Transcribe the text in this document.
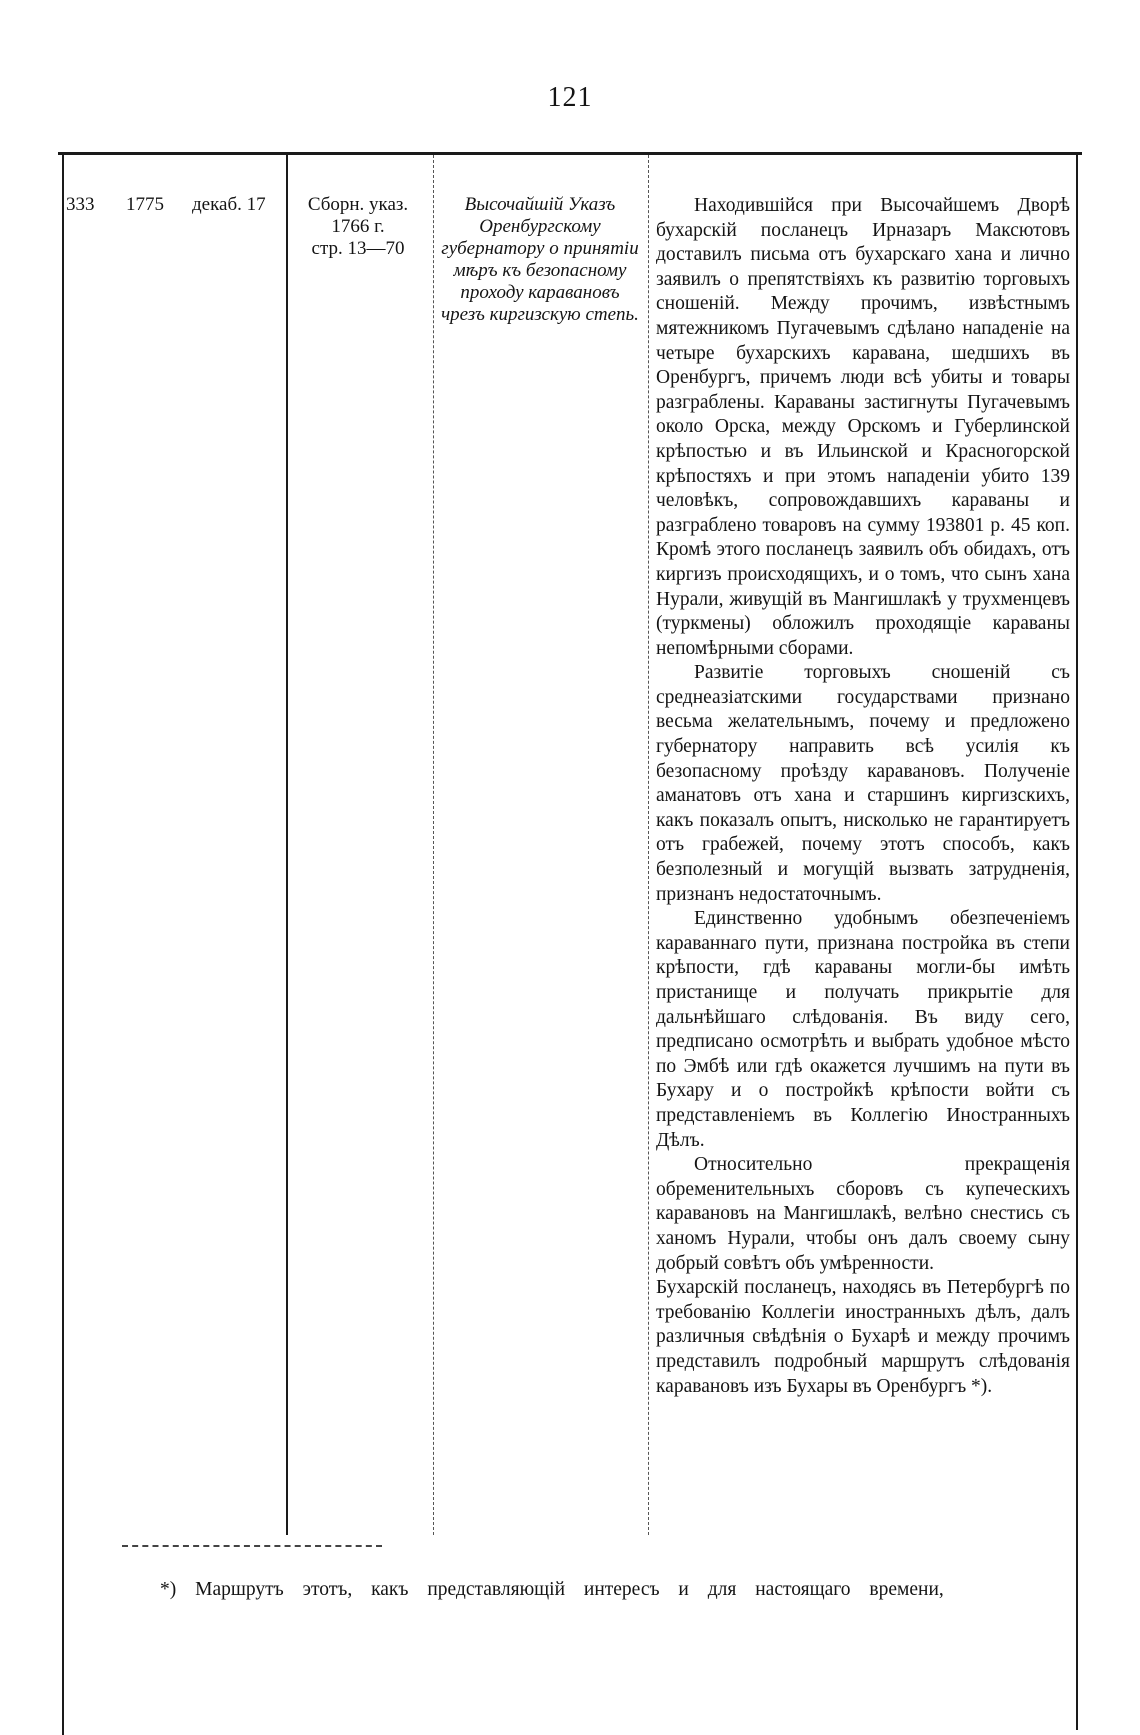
121
333 1775 декаб. 17	Сборн. указ.
1766 г.
стр. 13—70
Высочайшій Указъ Оренбургскому губернатору о принятіи мѣръ къ безопасному проходу каравановъ чрезъ киргизскую степь.

Находившійся при Высочайшемъ Дворѣ бухарскій посланецъ Ирназаръ Максютовъ доставилъ письма отъ бухарскаго хана и лично заявилъ о препятствіяхъ къ развитію торговыхъ сношеній. Между прочимъ, извѣстнымъ мятежникомъ Пугачевымъ сдѣлано нападеніе на четыре бухарскихъ каравана, шедшихъ въ Оренбургъ, причемъ люди всѣ убиты и товары разграблены. Караваны застигнуты Пугачевымъ около Орска, между Орскомъ и Губерлинской крѣпостью и въ Ильинской и Красногорской крѣпостяхъ и при этомъ нападеніи убито 139 человѣкъ, сопровождавшихъ караваны и разграблено товаровъ на сумму 193801 р. 45 коп. Кромѣ этого посланецъ заявилъ объ обидахъ, отъ киргизъ происходящихъ, и о томъ, что сынъ хана Нурали, живущій въ Мангишлакѣ у трухменцевъ (туркмены) обложилъ проходящіе караваны непомѣрными сборами.

Развитіе торговыхъ сношеній съ среднеазіатскими государствами признано весьма желательнымъ, почему и предложено губернатору направить всѣ усилія къ безопасному проѣзду каравановъ. Полученіе аманатовъ отъ хана и старшинъ киргизскихъ, какъ показалъ опытъ, нисколько не гарантируетъ отъ грабежей, почему этотъ способъ, какъ безполезный и могущій вызвать затрудненія, признанъ недостаточнымъ.

Единственно удобнымъ обезпеченіемъ караваннаго пути, признана постройка въ степи крѣпости, гдѣ караваны могли-бы имѣть пристанище и получать прикрытіе для дальнѣйшаго слѣдованія. Въ виду сего, предписано осмотрѣть и выбрать удобное мѣсто по Эмбѣ или гдѣ окажется лучшимъ на пути въ Бухару и о постройкѣ крѣпости войти съ представленіемъ въ Коллегію Иностранныхъ Дѣлъ.

Относительно прекращенія обременительныхъ сборовъ съ купеческихъ каравановъ на Мангишлакѣ, велѣно снестись съ ханомъ Нурали, чтобы онъ далъ своему сыну добрый совѣтъ объ умѣренности.

Бухарскій посланецъ, находясь въ Петербургѣ по требованію Коллегіи иностранныхъ дѣлъ, далъ различныя свѣдѣнія о Бухарѣ и между прочимъ представилъ подробный маршрутъ слѣдованія каравановъ изъ Бухары въ Оренбургъ *).

*) Маршрутъ этотъ, какъ представляющій интересъ и для настоящаго времени,
